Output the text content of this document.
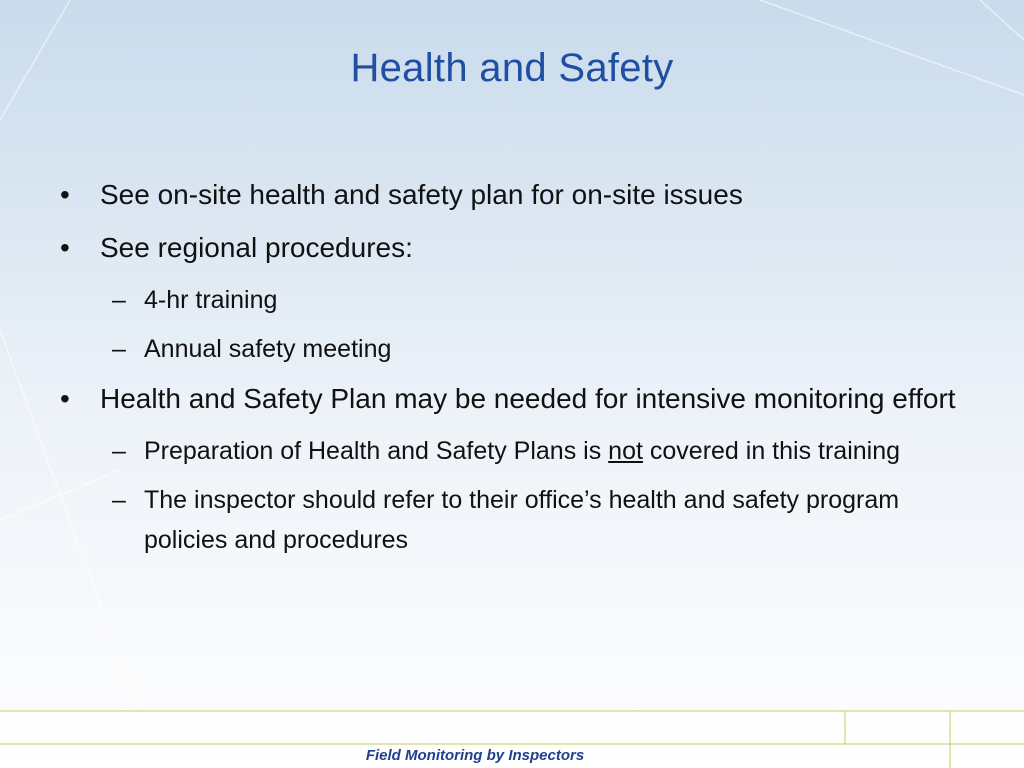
Health and Safety
• See on-site health and safety plan for on-site issues
• See regional procedures:
– 4-hr training
– Annual safety meeting
• Health and Safety Plan may be needed for intensive monitoring effort
– Preparation of Health and Safety Plans is not covered in this training
– The inspector should refer to their office’s health and safety program policies and procedures
Field Monitoring by Inspectors
